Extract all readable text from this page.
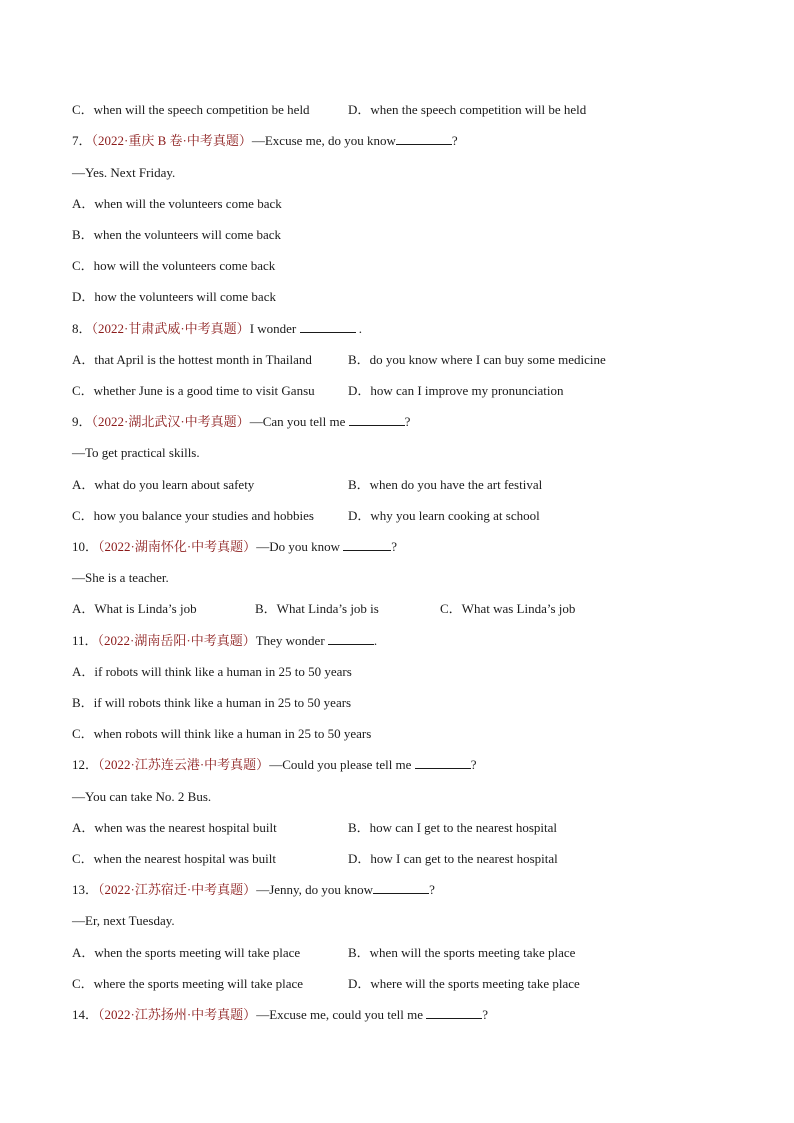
C．when will the speech competition be held	D．when the speech competition will be held
7．（2022·重庆 B 卷·中考真题）—Excuse me, do you know	?
—Yes. Next Friday.
A．when will the volunteers come back
B．when the volunteers will come back
C．how will the volunteers come back
D．how the volunteers will come back
8．（2022·甘肃武威·中考真题）I wonder	.
A．that April is the hottest month in Thailand	B．do you know where I can buy some medicine
C．whether June is a good time to visit Gansu	D．how can I improve my pronunciation
9．（2022·湖北武汉·中考真题）—Can you tell me	?
—To get practical skills.
A．what do you learn about safety	B．when do you have the art festival
C．how you balance your studies and hobbies	D．why you learn cooking at school
10．（2022·湖南怀化·中考真题）—Do you know	?
—She is a teacher.
A．What is Linda’s job	B．What Linda’s job is	C．What was Linda’s job
11．（2022·湖南岳阳·中考真题）They wonder	.
A．if robots will think like a human in 25 to 50 years
B．if will robots think like a human in 25 to 50 years
C．when robots will think like a human in 25 to 50 years
12．（2022·江苏连云港·中考真题）—Could you please tell me	?
—You can take No. 2 Bus.
A．when was the nearest hospital built	B．how can I get to the nearest hospital
C．when the nearest hospital was built	D．how I can get to the nearest hospital
13．（2022·江苏宿迁·中考真题）—Jenny, do you know	?
—Er, next Tuesday.
A．when the sports meeting will take place	B．when will the sports meeting take place
C．where the sports meeting will take place	D．where will the sports meeting take place
14．（2022·江苏扬州·中考真题）—Excuse me, could you tell me	?
